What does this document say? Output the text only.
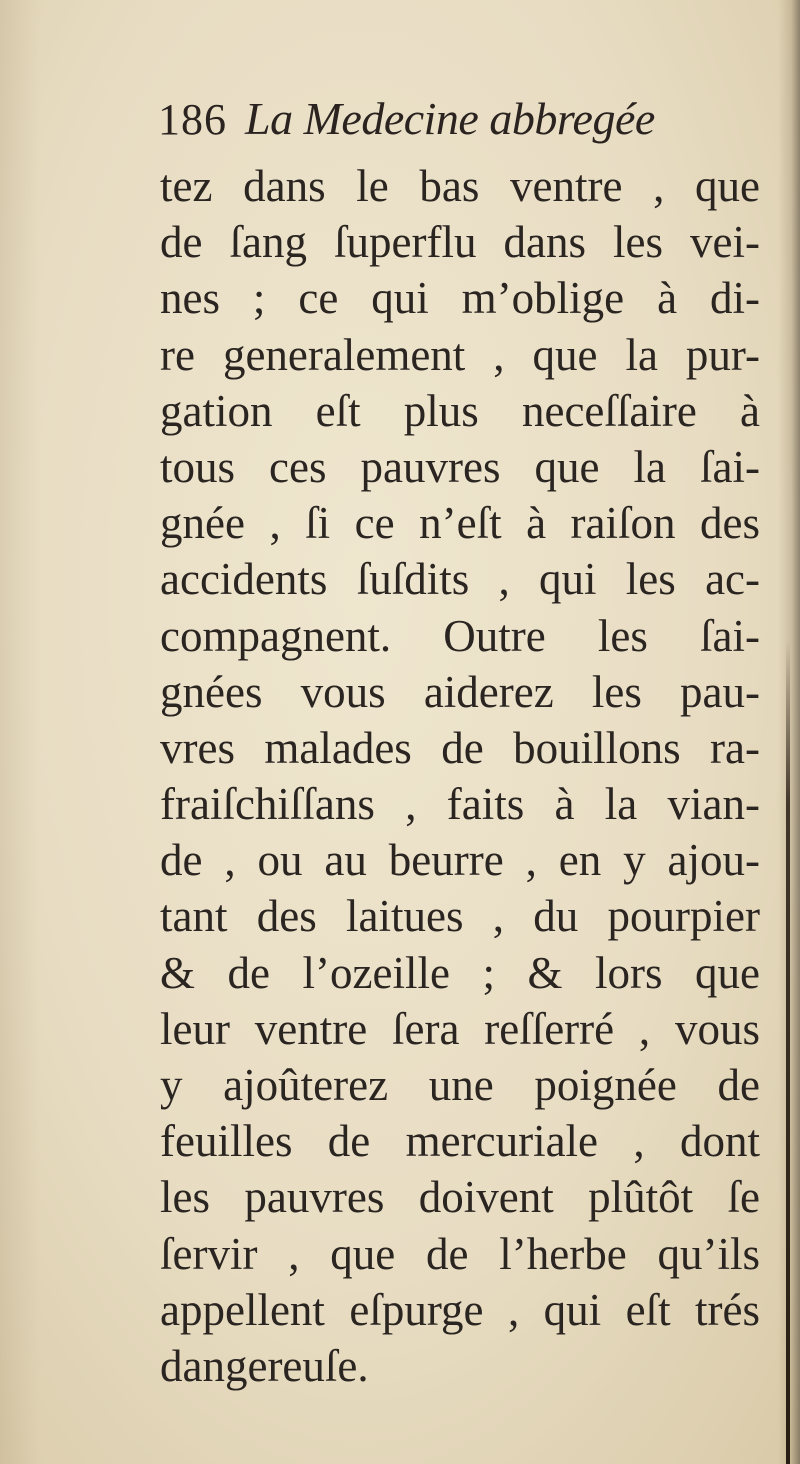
186 La Medecine abbregée
tez dans le bas ventre , que
de ſang ſuperflu dans les vei-
nes ; ce qui m’oblige à di-
re generalement , que la pur-
gation eſt plus neceſſaire à
tous ces pauvres que la ſai-
gnée , ſi ce n’eſt à raiſon des
accidents ſuſdits , qui les ac-
compagnent. Outre les ſai-
gnées vous aiderez les pau-
vres malades de bouillons ra-
fraiſchiſſans , faits à la vian-
de , ou au beurre , en y ajou-
tant des laitues , du pourpier
& de l’ozeille ; & lors que
leur ventre ſera reſſerré , vous
y ajoûterez une poignée de
feuilles de mercuriale , dont
les pauvres doivent plûtôt ſe
ſervir , que de l’herbe qu’ils
appellent eſpurge , qui eſt trés
dangereuſe.
